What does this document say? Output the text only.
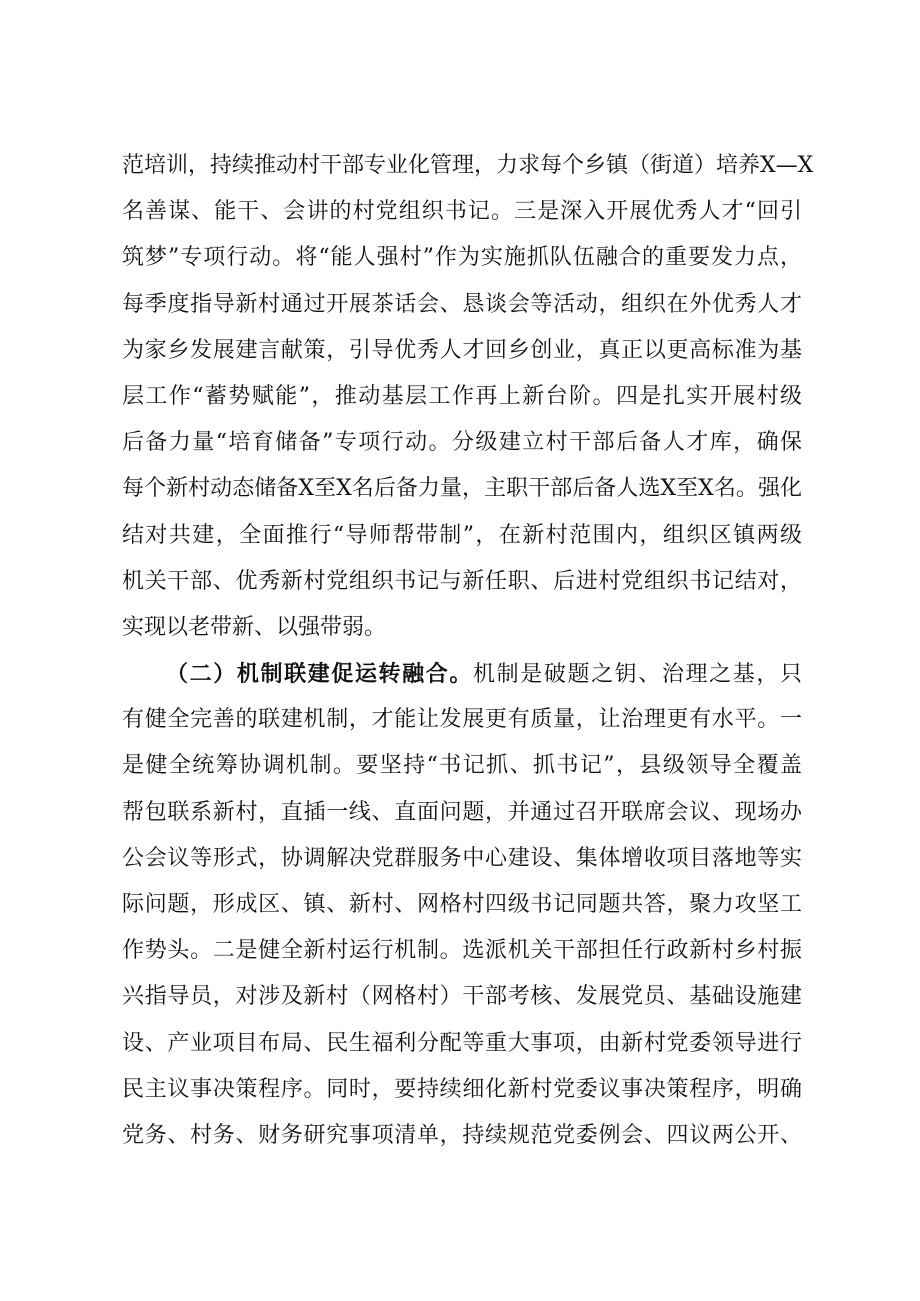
范培训，持续推动村干部专业化管理，力求每个乡镇（街道）培养X—X
名善谋、能干、会讲的村党组织书记。三是深入开展优秀人才“回引
筑梦”专项行动。将“能人强村”作为实施抓队伍融合的重要发力点，
每季度指导新村通过开展茶话会、恳谈会等活动，组织在外优秀人才
为家乡发展建言献策，引导优秀人才回乡创业，真正以更高标准为基
层工作“蓄势赋能”，推动基层工作再上新台阶。四是扎实开展村级
后备力量“培育储备”专项行动。分级建立村干部后备人才库，确保
每个新村动态储备X至X名后备力量，主职干部后备人选X至X名。强化
结对共建，全面推行“导师帮带制”，在新村范围内，组织区镇两级
机关干部、优秀新村党组织书记与新任职、后进村党组织书记结对，
实现以老带新、以强带弱。
（二）机制联建促运转融合。机制是破题之钥、治理之基，只
有健全完善的联建机制，才能让发展更有质量，让治理更有水平。一
是健全统筹协调机制。要坚持“书记抓、抓书记”，县级领导全覆盖
帮包联系新村，直插一线、直面问题，并通过召开联席会议、现场办
公会议等形式，协调解决党群服务中心建设、集体增收项目落地等实
际问题，形成区、镇、新村、网格村四级书记同题共答，聚力攻坚工
作势头。二是健全新村运行机制。选派机关干部担任行政新村乡村振
兴指导员，对涉及新村（网格村）干部考核、发展党员、基础设施建
设、产业项目布局、民生福利分配等重大事项，由新村党委领导进行
民主议事决策程序。同时，要持续细化新村党委议事决策程序，明确
党务、村务、财务研究事项清单，持续规范党委例会、四议两公开、
